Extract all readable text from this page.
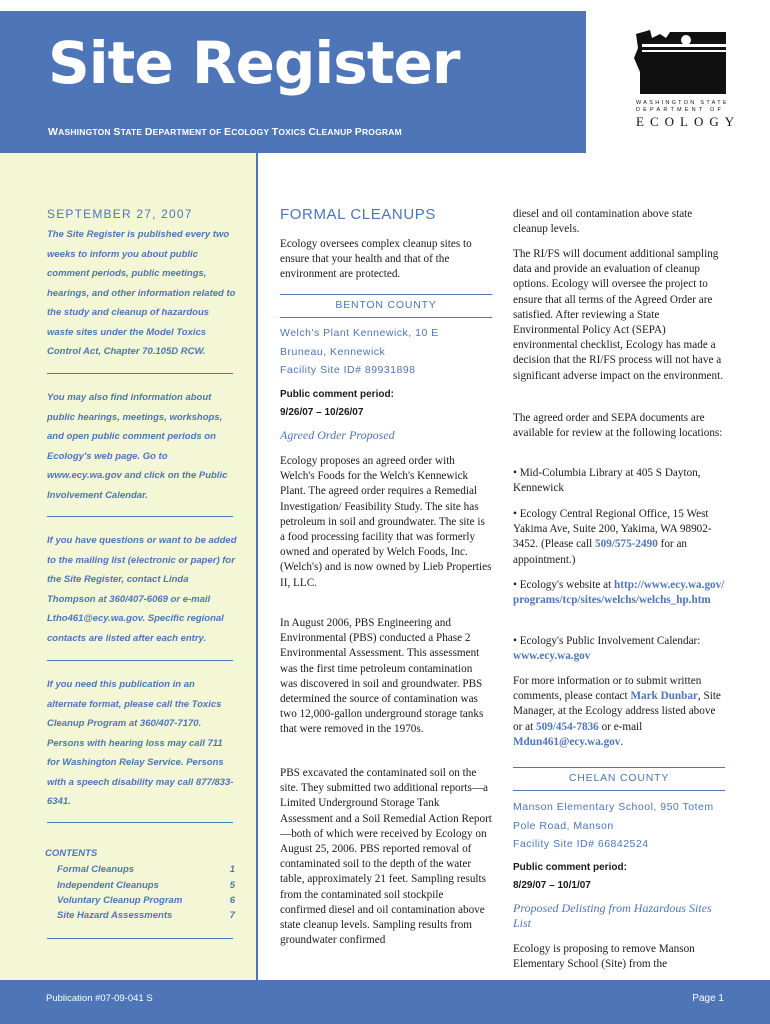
Site Register
WASHINGTON STATE DEPARTMENT OF ECOLOGY TOXICS CLEANUP PROGRAM
WASHINGTON STATE
DEPARTMENT OF
ECOLOGY
SEPTEMBER 27, 2007
The Site Register is published every two weeks to inform you about public comment periods, public meetings, hearings, and other information related to the study and cleanup of hazardous waste sites under the Model Toxics Control Act, Chapter 70.105D RCW.
You may also find information about public hearings, meetings, workshops, and open public comment periods on Ecology's web page. Go to www.ecy.wa.gov and click on the Public Involvement Calendar.
If you have questions or want to be added to the mailing list (electronic or paper) for the Site Register, contact Linda Thompson at 360/407-6069 or e-mail Ltho461@ecy.wa.gov. Specific regional contacts are listed after each entry.
If you need this publication in an alternate format, please call the Toxics Cleanup Program at 360/407-7170. Persons with hearing loss may call 711 for Washington Relay Service. Persons with a speech disability may call 877/833-6341.
CONTENTS
Formal Cleanups	1
Independent Cleanups	5
Voluntary Cleanup Program	6
Site Hazard Assessments	7
FORMAL CLEANUPS
Ecology oversees complex cleanup sites to ensure that your health and that of the environment are protected.
BENTON COUNTY
Welch's Plant Kennewick, 10 E
Bruneau, Kennewick
Facility Site ID# 89931898
Public comment period:
9/26/07 – 10/26/07
Agreed Order Proposed
Ecology proposes an agreed order with Welch's Foods for the Welch's Kennewick Plant. The agreed order requires a Remedial Investigation/ Feasibility Study. The site has petroleum in soil and groundwater. The site is a food processing facility that was formerly owned and operated by Welch Foods, Inc. (Welch's) and is now owned by Lieb Properties II, LLC.
In August 2006, PBS Engineering and Environmental (PBS) conducted a Phase 2 Environmental Assessment. This assessment was the first time petroleum contamination was discovered in soil and groundwater. PBS determined the source of contamination was two 12,000-gallon underground storage tanks that were removed in the 1970s.
PBS excavated the contaminated soil on the site. They submitted two additional reports—a Limited Underground Storage Tank Assessment and a Soil Remedial Action Report—both of which were received by Ecology on August 25, 2006. PBS reported removal of contaminated soil to the depth of the water table, approximately 21 feet. Sampling results from the contaminated soil stockpile confirmed diesel and oil contamination above state cleanup levels. Sampling results from groundwater confirmed
diesel and oil contamination above state cleanup levels.
The RI/FS will document additional sampling data and provide an evaluation of cleanup options. Ecology will oversee the project to ensure that all terms of the Agreed Order are satisfied. After reviewing a State Environmental Policy Act (SEPA) environmental checklist, Ecology has made a decision that the RI/FS process will not have a significant adverse impact on the environment.
The agreed order and SEPA documents are available for review at the following locations:
• Mid-Columbia Library at 405 S Dayton, Kennewick
• Ecology Central Regional Office, 15 West Yakima Ave, Suite 200, Yakima, WA 98902-3452. (Please call 509/575-2490 for an appointment.)
• Ecology's website at http://www.ecy.wa.gov/programs/tcp/sites/welchs/welchs_hp.htm
• Ecology's Public Involvement Calendar: www.ecy.wa.gov
For more information or to submit written comments, please contact Mark Dunbar, Site Manager, at the Ecology address listed above or at 509/454-7836 or e-mail Mdun461@ecy.wa.gov.
CHELAN COUNTY
Manson Elementary School, 950 Totem
Pole Road, Manson
Facility Site ID# 66842524
Public comment period:
8/29/07 – 10/1/07
Proposed Delisting from Hazardous Sites List
Ecology is proposing to remove Manson Elementary School (Site) from the
Publication #07-09-041 S	Page 1
